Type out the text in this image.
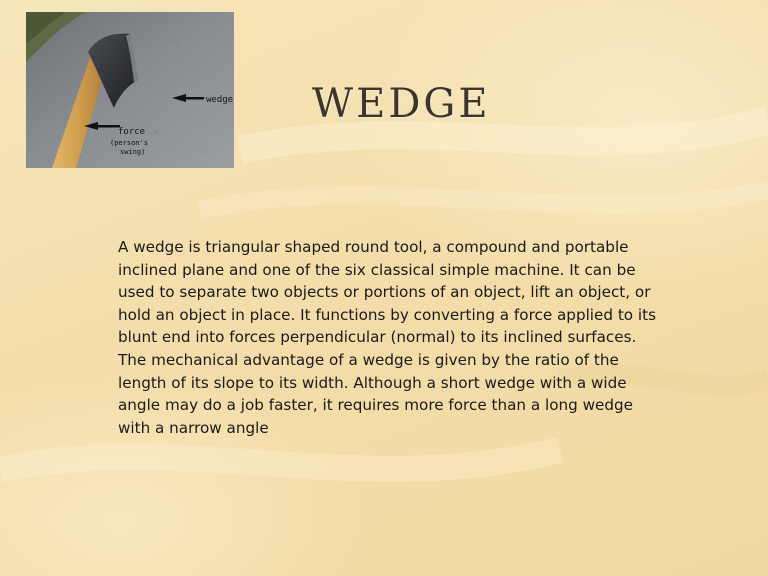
wedge
force
(person's
swing)
WEDGE

A wedge is triangular shaped round tool, a compound and portable inclined plane and one of the six classical simple machine. It can be used to separate two objects or portions of an object, lift an object, or hold an object in place. It functions by converting a force applied to its blunt end into forces perpendicular (normal) to its inclined surfaces. The mechanical advantage of a wedge is given by the ratio of the length of its slope to its width. Although a short wedge with a wide angle may do a job faster, it requires more force than a long wedge with a narrow angle
